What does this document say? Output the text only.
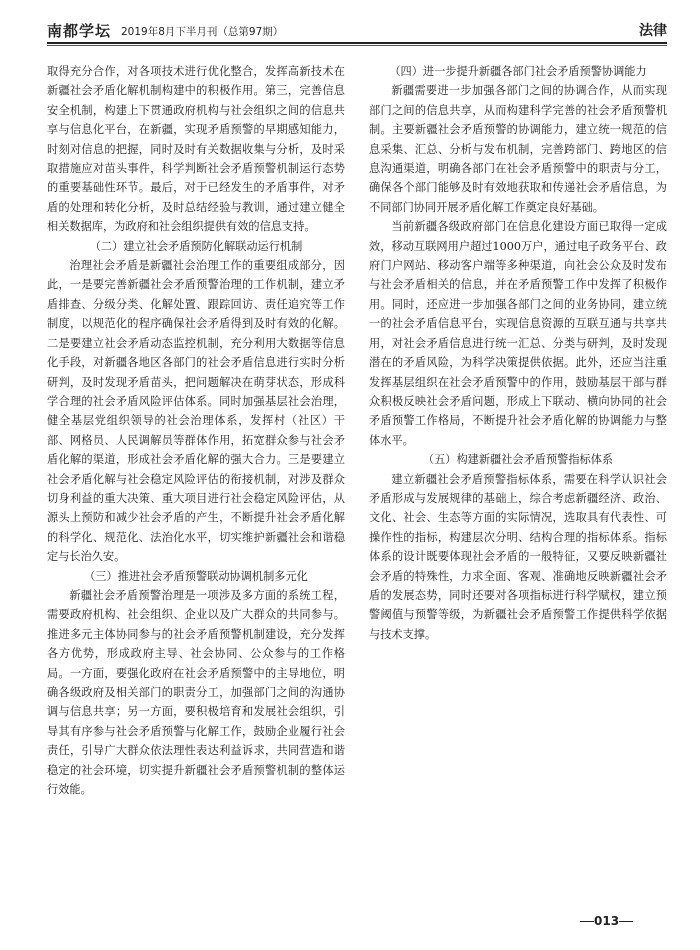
南都学坛 2019年8月下半月刊（总第97期）	法律

取得充分合作，对各项技术进行优化整合，发挥高新技术在新疆社会矛盾化解机制构建中的积极作用。第三，完善信息安全机制，构建上下贯通政府机构与社会组织之间的信息共享与信息化平台，在新疆，实现矛盾预警的早期感知能力，时刻对信息的把握，同时及时有关数据收集与分析，及时采取措施应对苗头事件，科学判断社会矛盾预警机制运行态势的重要基础性环节。最后，对于已经发生的矛盾事件，对矛盾的处理和转化分析，及时总结经验与教训，通过建立健全相关数据库，为政府和社会组织提供有效的信息支持。

（二）建立社会矛盾预防化解联动运行机制

治理社会矛盾是新疆社会治理工作的重要组成部分，因此，一是要完善新疆社会矛盾预警治理的工作机制，建立矛盾排查、分级分类、化解处置、跟踪回访、责任追究等工作制度，以规范化的程序确保社会矛盾得到及时有效的化解。二是要建立社会矛盾动态监控机制，充分利用大数据等信息化手段，对新疆各地区各部门的社会矛盾信息进行实时分析研判，及时发现矛盾苗头，把问题解决在萌芽状态，形成科学合理的社会矛盾风险评估体系。同时加强基层社会治理，健全基层党组织领导的社会治理体系，发挥村（社区）干部、网格员、人民调解员等群体作用，拓宽群众参与社会矛盾化解的渠道，形成社会矛盾化解的强大合力。三是要建立社会矛盾化解与社会稳定风险评估的衔接机制，对涉及群众切身利益的重大决策、重大项目进行社会稳定风险评估，从源头上预防和减少社会矛盾的产生，不断提升社会矛盾化解的科学化、规范化、法治化水平，切实维护新疆社会和谐稳定与长治久安。

（三）推进社会矛盾预警联动协调机制多元化

新疆社会矛盾预警治理是一项涉及多方面的系统工程，需要政府机构、社会组织、企业以及广大群众的共同参与。推进多元主体协同参与的社会矛盾预警机制建设，充分发挥各方优势，形成政府主导、社会协同、公众参与的工作格局。一方面，要强化政府在社会矛盾预警中的主导地位，明确各级政府及相关部门的职责分工，加强部门之间的沟通协调与信息共享；另一方面，要积极培育和发展社会组织，引导其有序参与社会矛盾预警与化解工作，鼓励企业履行社会责任，引导广大群众依法理性表达利益诉求，共同营造和谐稳定的社会环境，切实提升新疆社会矛盾预警机制的整体运行效能。

（四）进一步提升新疆各部门社会矛盾预警协调能力

新疆需要进一步加强各部门之间的协调合作，从而实现部门之间的信息共享，从而构建科学完善的社会矛盾预警机制。主要新疆社会矛盾预警的协调能力，建立统一规范的信息采集、汇总、分析与发布机制，完善跨部门、跨地区的信息沟通渠道，明确各部门在社会矛盾预警中的职责与分工，确保各个部门能够及时有效地获取和传递社会矛盾信息，为不同部门协同开展矛盾化解工作奠定良好基础。

当前新疆各级政府部门在信息化建设方面已取得一定成效，移动互联网用户超过1000万户，通过电子政务平台、政府门户网站、移动客户端等多种渠道，向社会公众及时发布与社会矛盾相关的信息，并在矛盾预警工作中发挥了积极作用。同时，还应进一步加强各部门之间的业务协同，建立统一的社会矛盾信息平台，实现信息资源的互联互通与共享共用，对社会矛盾信息进行统一汇总、分类与研判，及时发现潜在的矛盾风险，为科学决策提供依据。此外，还应当注重发挥基层组织在社会矛盾预警中的作用，鼓励基层干部与群众积极反映社会矛盾问题，形成上下联动、横向协同的社会矛盾预警工作格局，不断提升社会矛盾化解的协调能力与整体水平。

（五）构建新疆社会矛盾预警指标体系

建立新疆社会矛盾预警指标体系，需要在科学认识社会矛盾形成与发展规律的基础上，综合考虑新疆经济、政治、文化、社会、生态等方面的实际情况，选取具有代表性、可操作性的指标，构建层次分明、结构合理的指标体系。指标体系的设计既要体现社会矛盾的一般特征，又要反映新疆社会矛盾的特殊性，力求全面、客观、准确地反映新疆社会矛盾的发展态势，同时还要对各项指标进行科学赋权，建立预警阈值与预警等级，为新疆社会矛盾预警工作提供科学依据与技术支撑。

013
